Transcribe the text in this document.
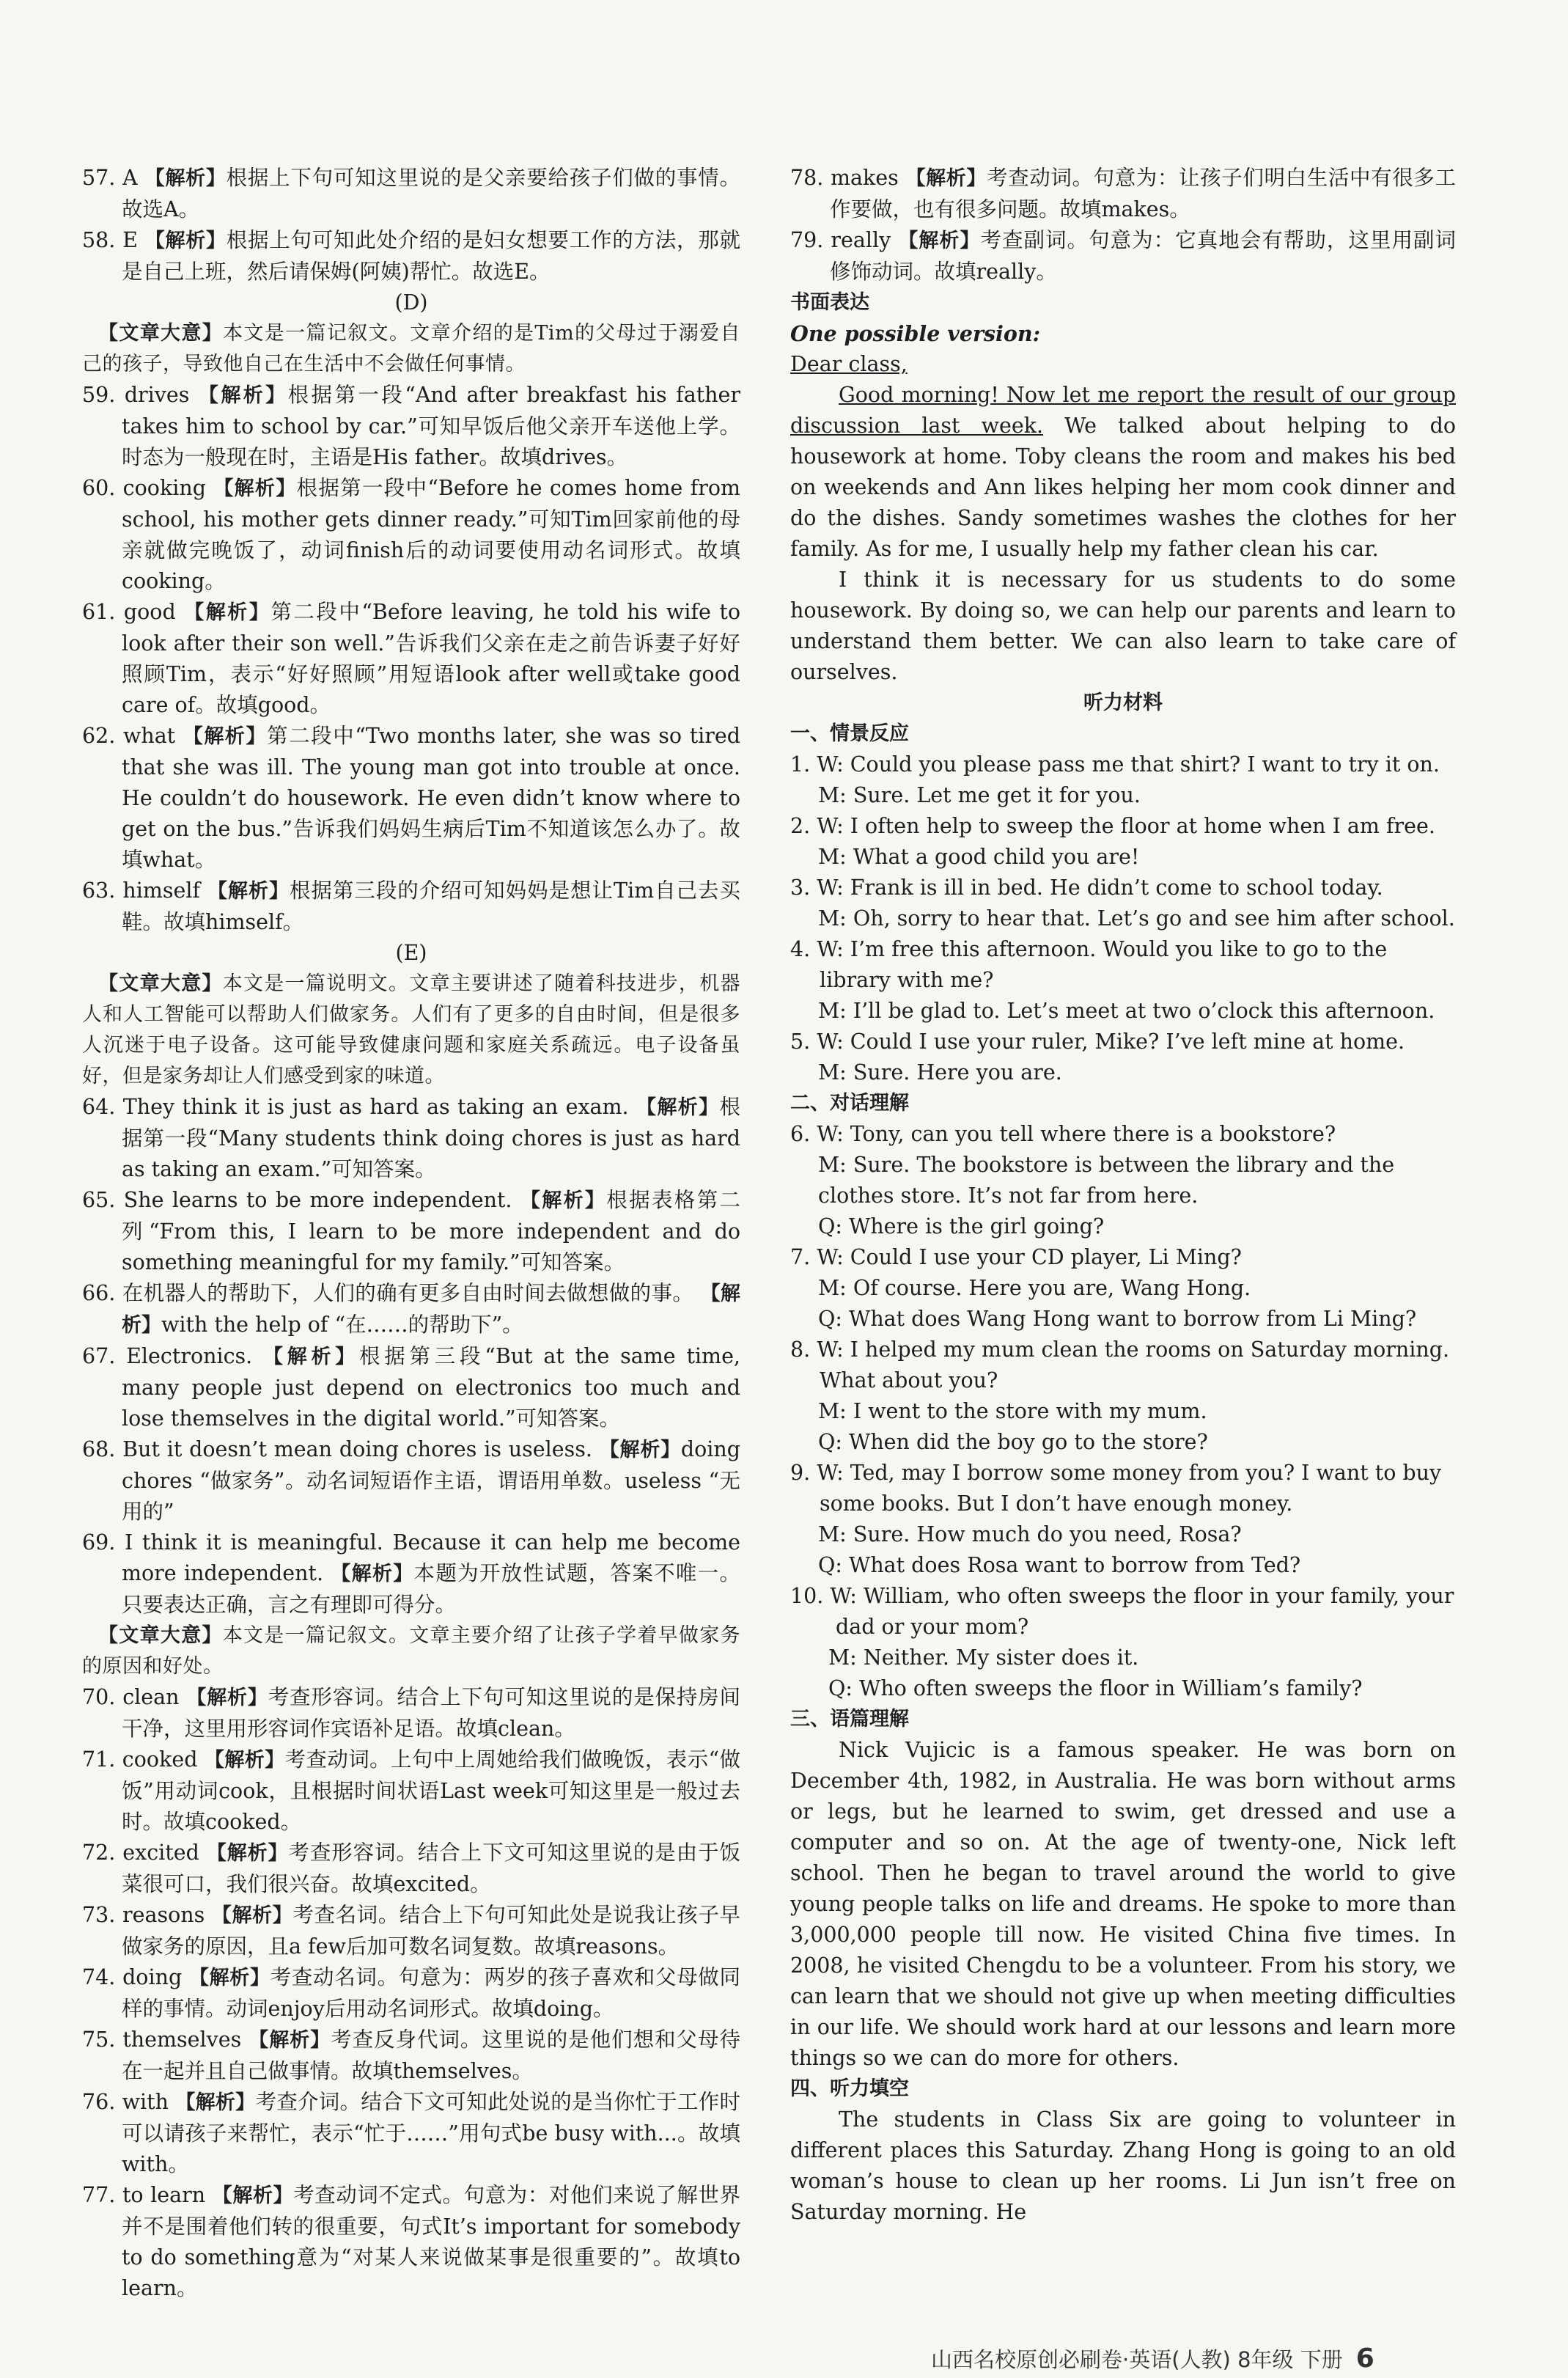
57. A 【解析】根据上下句可知这里说的是父亲要给孩子们做的事情。故选A。

58. E 【解析】根据上句可知此处介绍的是妇女想要工作的方法，那就是自己上班，然后请保姆(阿姨)帮忙。故选E。

(D)

【文章大意】本文是一篇记叙文。文章介绍的是Tim的父母过于溺爱自己的孩子，导致他自己在生活中不会做任何事情。

59. drives 【解析】根据第一段“And after breakfast his father takes him to school by car.”可知早饭后他父亲开车送他上学。时态为一般现在时，主语是His father。故填drives。

60. cooking 【解析】根据第一段中“Before he comes home from school, his mother gets dinner ready.”可知Tim回家前他的母亲就做完晚饭了，动词finish后的动词要使用动名词形式。故填cooking。

61. good 【解析】第二段中“Before leaving, he told his wife to look after their son well.”告诉我们父亲在走之前告诉妻子好好照顾Tim，表示“好好照顾”用短语look after well或take good care of。故填good。

62. what 【解析】第二段中“Two months later, she was so tired that she was ill. The young man got into trouble at once. He couldn’t do housework. He even didn’t know where to get on the bus.”告诉我们妈妈生病后Tim不知道该怎么办了。故填what。

63. himself 【解析】根据第三段的介绍可知妈妈是想让Tim自己去买鞋。故填himself。

(E)

【文章大意】本文是一篇说明文。文章主要讲述了随着科技进步，机器人和人工智能可以帮助人们做家务。人们有了更多的自由时间，但是很多人沉迷于电子设备。这可能导致健康问题和家庭关系疏远。电子设备虽好，但是家务却让人们感受到家的味道。

64. They think it is just as hard as taking an exam. 【解析】根据第一段“Many students think doing chores is just as hard as taking an exam.”可知答案。

65. She learns to be more independent. 【解析】根据表格第二列“From this, I learn to be more independent and do something meaningful for my family.”可知答案。

66. 在机器人的帮助下，人们的确有更多自由时间去做想做的事。 【解析】with the help of “在……的帮助下”。

67. Electronics. 【解析】根据第三段“But at the same time, many people just depend on electronics too much and lose themselves in the digital world.”可知答案。

68. But it doesn’t mean doing chores is useless. 【解析】doing chores “做家务”。动名词短语作主语，谓语用单数。useless “无用的”

69. I think it is meaningful. Because it can help me become more independent. 【解析】本题为开放性试题，答案不唯一。只要表达正确，言之有理即可得分。

【文章大意】本文是一篇记叙文。文章主要介绍了让孩子学着早做家务的原因和好处。

70. clean 【解析】考查形容词。结合上下句可知这里说的是保持房间干净，这里用形容词作宾语补足语。故填clean。

71. cooked 【解析】考查动词。上句中上周她给我们做晚饭，表示“做饭”用动词cook，且根据时间状语Last week可知这里是一般过去时。故填cooked。

72. excited 【解析】考查形容词。结合上下文可知这里说的是由于饭菜很可口，我们很兴奋。故填excited。

73. reasons 【解析】考查名词。结合上下句可知此处是说我让孩子早做家务的原因，且a few后加可数名词复数。故填reasons。

74. doing 【解析】考查动名词。句意为：两岁的孩子喜欢和父母做同样的事情。动词enjoy后用动名词形式。故填doing。

75. themselves 【解析】考查反身代词。这里说的是他们想和父母待在一起并且自己做事情。故填themselves。

76. with 【解析】考查介词。结合下文可知此处说的是当你忙于工作时可以请孩子来帮忙，表示“忙于……”用句式be busy with...。故填with。

77. to learn 【解析】考查动词不定式。句意为：对他们来说了解世界并不是围着他们转的很重要，句式It’s important for somebody to do something意为“对某人来说做某事是很重要的”。故填to learn。

78. makes 【解析】考查动词。句意为：让孩子们明白生活中有很多工作要做，也有很多问题。故填makes。

79. really 【解析】考查副词。句意为：它真地会有帮助，这里用副词修饰动词。故填really。

书面表达

One possible version:

Dear class,

Good morning! Now let me report the result of our group discussion last week. We talked about helping to do housework at home. Toby cleans the room and makes his bed on weekends and Ann likes helping her mom cook dinner and do the dishes. Sandy sometimes washes the clothes for her family. As for me, I usually help my father clean his car.

I think it is necessary for us students to do some housework. By doing so, we can help our parents and learn to understand them better. We can also learn to take care of ourselves.

听力材料

一、情景反应

1. W: Could you please pass me that shirt? I want to try it on.

M: Sure. Let me get it for you.

2. W: I often help to sweep the floor at home when I am free.

M: What a good child you are!

3. W: Frank is ill in bed. He didn’t come to school today.

M: Oh, sorry to hear that. Let’s go and see him after school.

4. W: I’m free this afternoon. Would you like to go to the library with me?

M: I’ll be glad to. Let’s meet at two o’clock this afternoon.

5. W: Could I use your ruler, Mike? I’ve left mine at home.

M: Sure. Here you are.

二、对话理解

6. W: Tony, can you tell where there is a bookstore?

M: Sure. The bookstore is between the library and the clothes store. It’s not far from here.

Q: Where is the girl going?

7. W: Could I use your CD player, Li Ming?

M: Of course. Here you are, Wang Hong.

Q: What does Wang Hong want to borrow from Li Ming?

8. W: I helped my mum clean the rooms on Saturday morning. What about you?

M: I went to the store with my mum.

Q: When did the boy go to the store?

9. W: Ted, may I borrow some money from you? I want to buy some books. But I don’t have enough money.

M: Sure. How much do you need, Rosa?

Q: What does Rosa want to borrow from Ted?

10. W: William, who often sweeps the floor in your family, your dad or your mom?

M: Neither. My sister does it.

Q: Who often sweeps the floor in William’s family?

三、语篇理解

Nick Vujicic is a famous speaker. He was born on December 4th, 1982, in Australia. He was born without arms or legs, but he learned to swim, get dressed and use a computer and so on. At the age of twenty-one, Nick left school. Then he began to travel around the world to give young people talks on life and dreams. He spoke to more than 3,000,000 people till now. He visited China five times. In 2008, he visited Chengdu to be a volunteer. From his story, we can learn that we should not give up when meeting difficulties in our life. We should work hard at our lessons and learn more things so we can do more for others.

四、听力填空

The students in Class Six are going to volunteer in different places this Saturday. Zhang Hong is going to an old woman’s house to clean up her rooms. Li Jun isn’t free on Saturday morning. He

山西名校原创必刷卷·英语(人教) 8年级 下册 6
